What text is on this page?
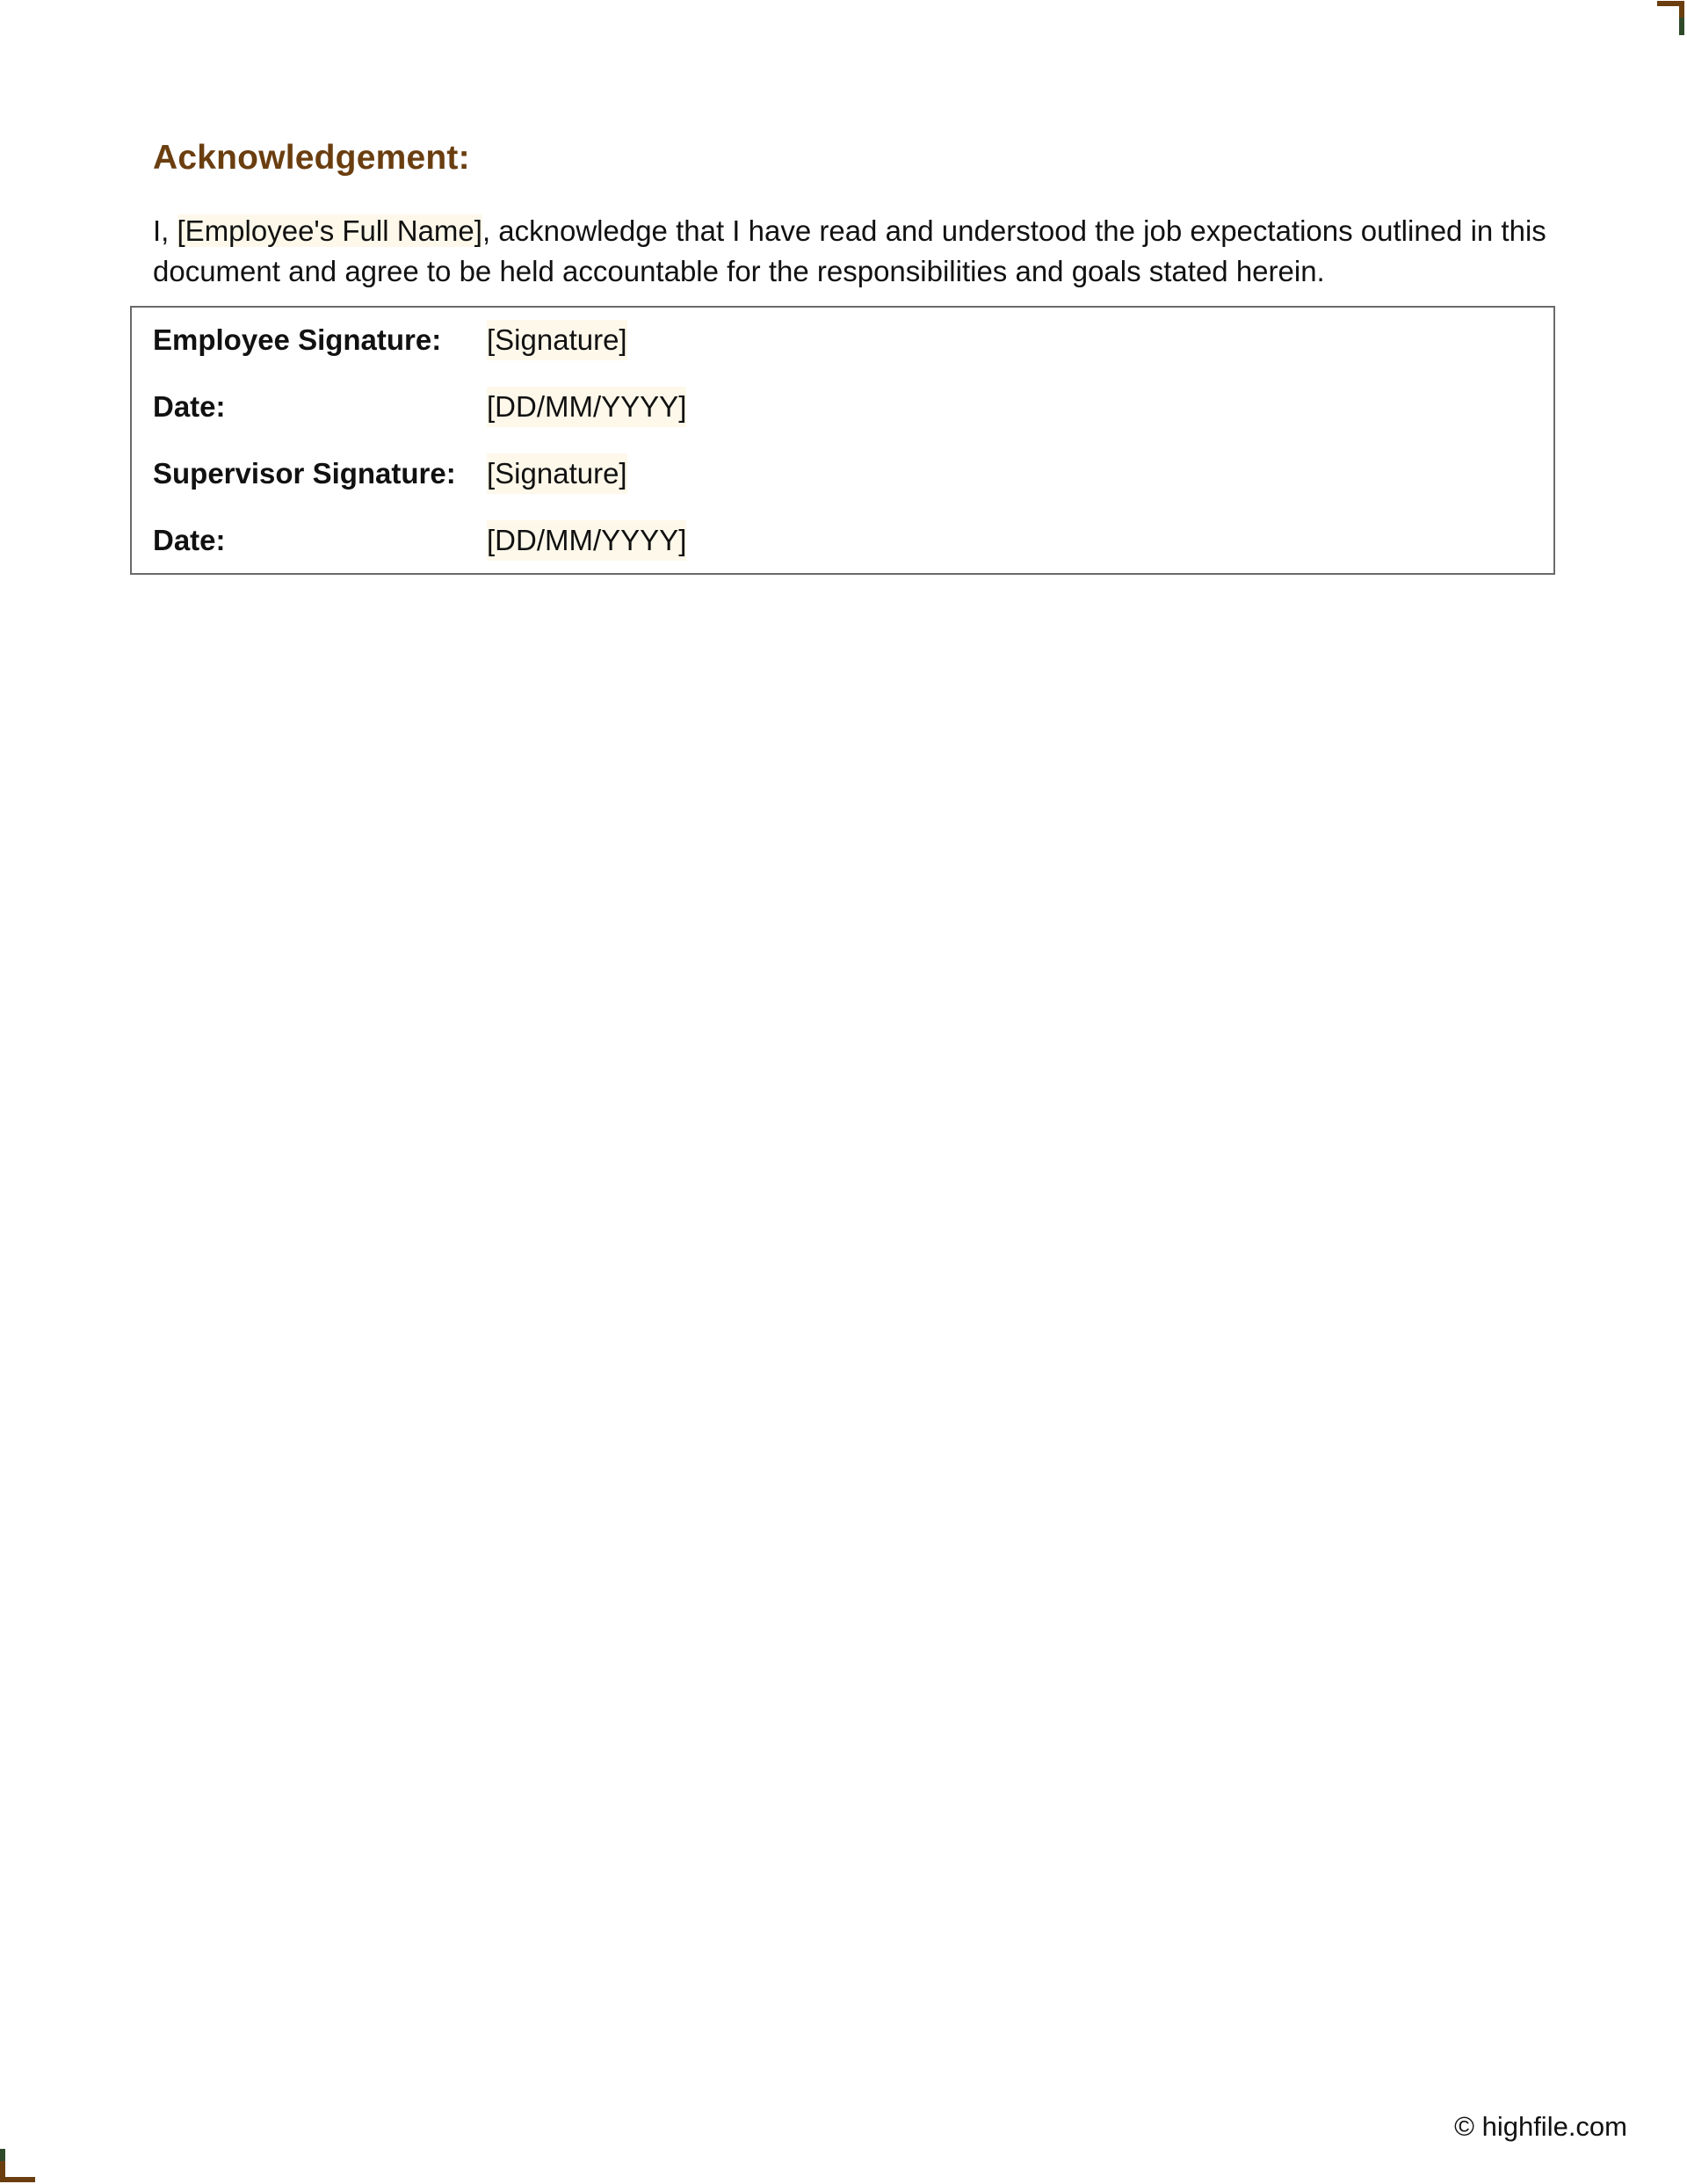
Acknowledgement:

I, [Employee's Full Name], acknowledge that I have read and understood the job expectations outlined in this document and agree to be held accountable for the responsibilities and goals stated herein.

Employee Signature:	[Signature]
Date:	[DD/MM/YYYY]
Supervisor Signature:	[Signature]
Date:	[DD/MM/YYYY]
© highfile.com
